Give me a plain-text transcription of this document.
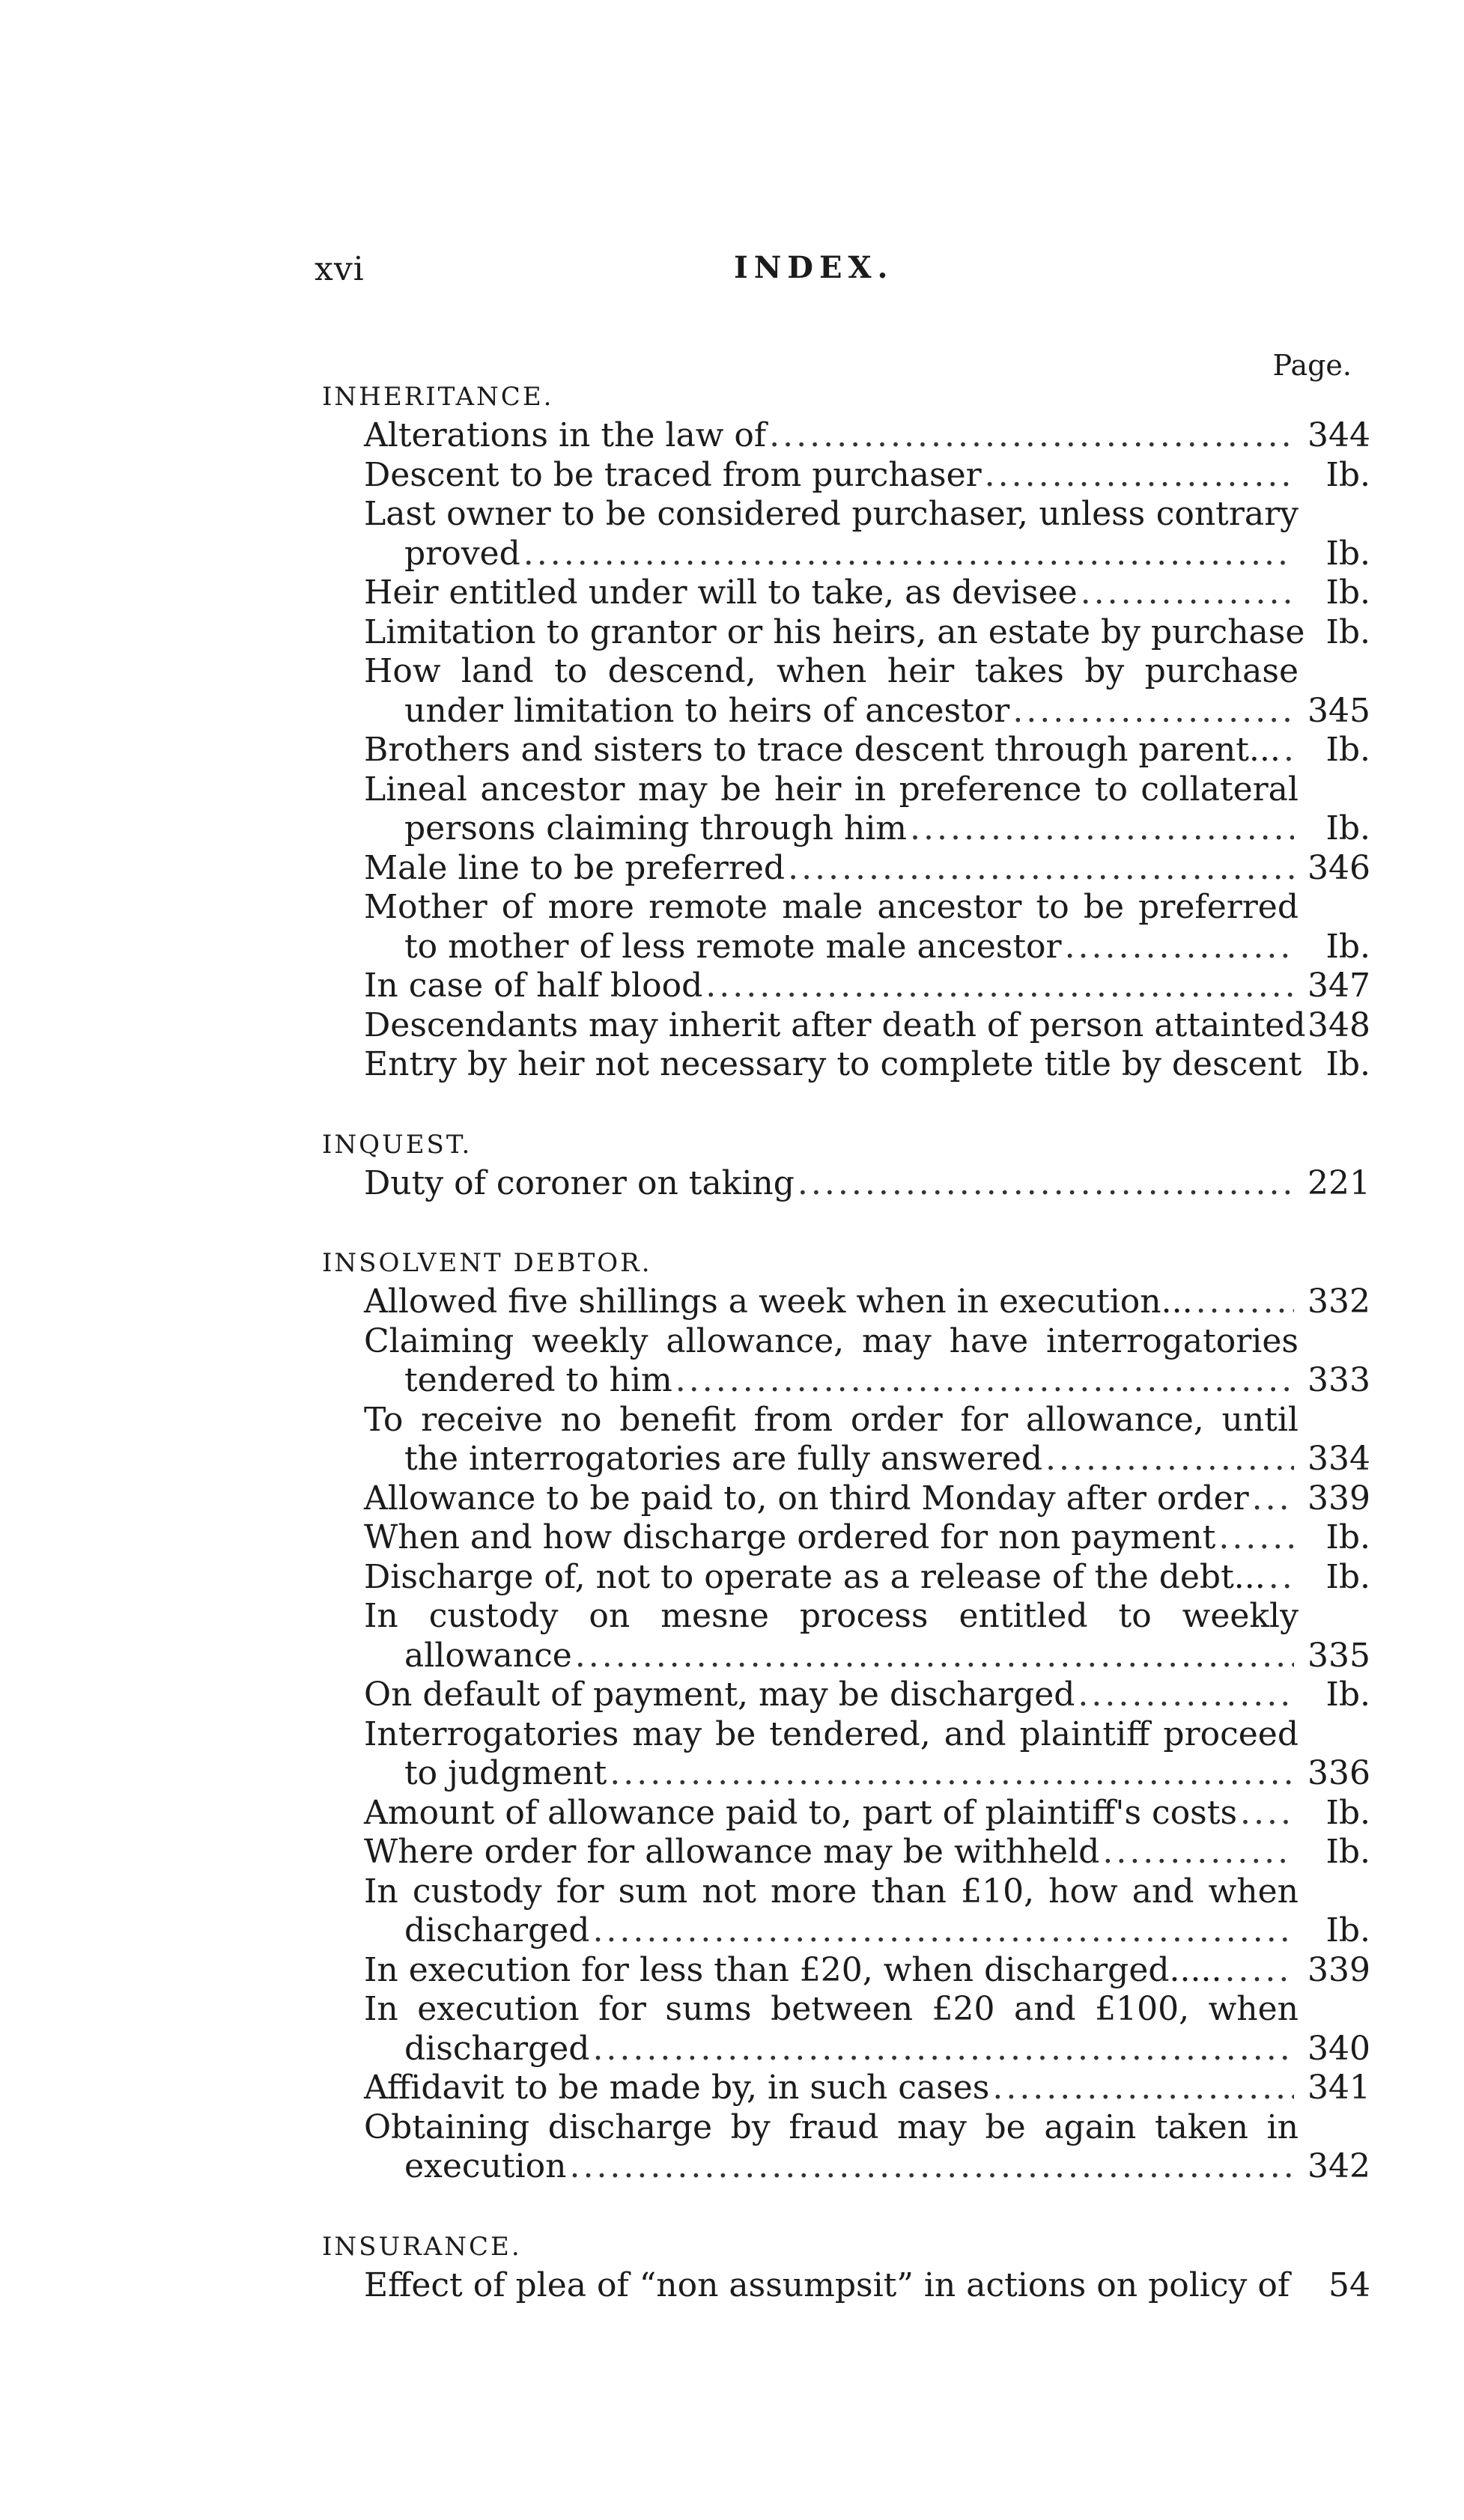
xvi	INDEX.
Page.
INHERITANCE.
Alterations in the law of .....	344
Descent to be traced from purchaser .....	Ib.
Last owner to be considered purchaser, unless contrary
proved .....	Ib.
Heir entitled under will to take, as devisee .....	Ib.
Limitation to grantor or his heirs, an estate by purchase Ib.
How land to descend, when heir takes by purchase
under limitation to heirs of ancestor .....	345
Brothers and sisters to trace descent through parent... .....	Ib.
Lineal ancestor may be heir in preference to collateral
persons claiming through him .....	Ib.
Male line to be preferred .....	346
Mother of more remote male ancestor to be preferred
to mother of less remote male ancestor .....	Ib.
In case of half blood .....	347
Descendants may inherit after death of person attainted 348
Entry by heir not necessary to complete title by descent Ib.
INQUEST.
Duty of coroner on taking .....	221
INSOLVENT DEBTOR.
Allowed five shillings a week when in execution... .....	332
Claiming weekly allowance, may have interrogatories
tendered to him .....	333
To receive no benefit from order for allowance, until
the interrogatories are fully answered .....	334
Allowance to be paid to, on third Monday after order ..... 339
When and how discharge ordered for non payment .....	Ib.
Discharge of, not to operate as a release of the debt... .....	Ib.
In custody on mesne process entitled to weekly
allowance .....	335
On default of payment, may be discharged .....	Ib.
Interrogatories may be tendered, and plaintiff proceed
to judgment .....	336
Amount of allowance paid to, part of plaintiff's costs .....	Ib.
Where order for allowance may be withheld .....	Ib.
In custody for sum not more than £10, how and when
discharged .....	Ib.
In execution for less than £20, when discharged..... .....	339
In execution for sums between £20 and £100, when
discharged .....	340
Affidavit to be made by, in such cases .....	341
Obtaining discharge by fraud may be again taken in
execution .....	342
INSURANCE.
Effect of plea of “non assumpsit” in actions on policy of .....	54
